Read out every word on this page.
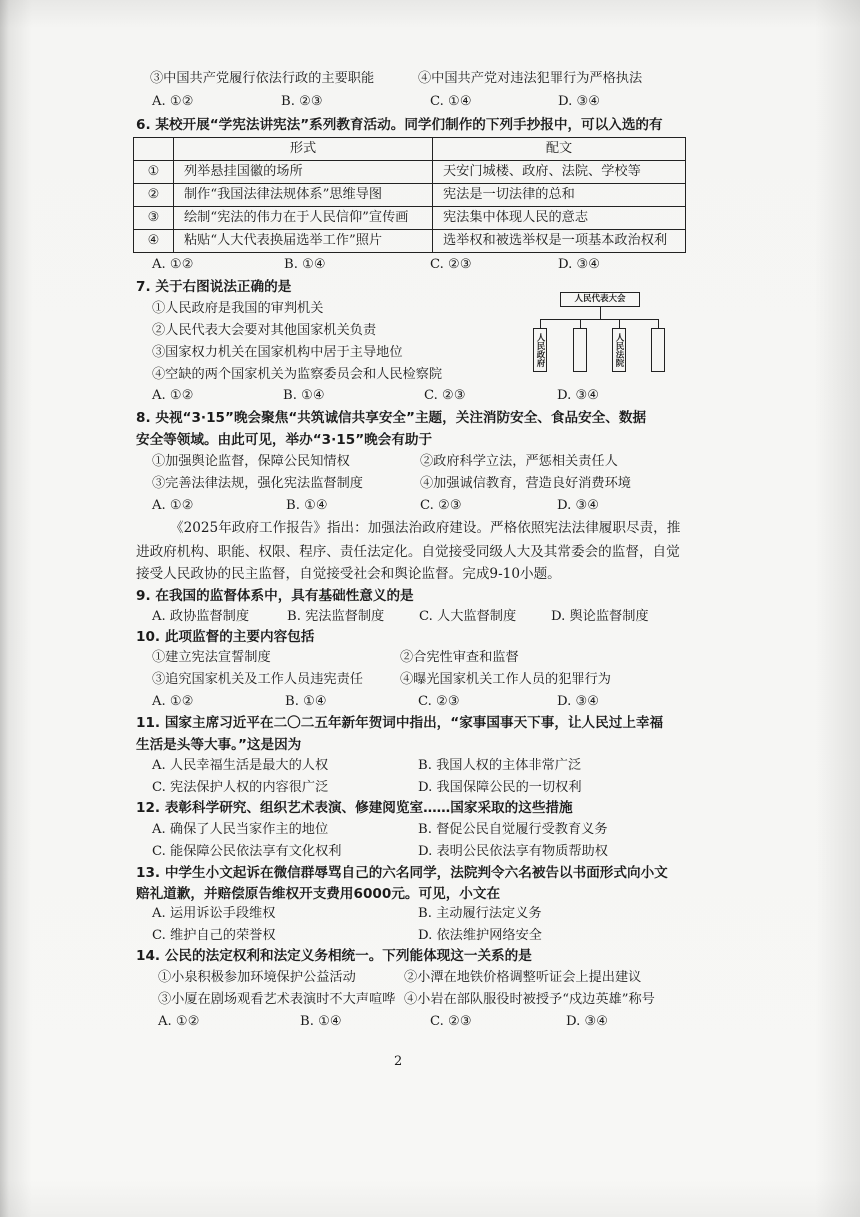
③中国共产党履行依法行政的主要职能	④中国共产党对违法犯罪行为严格执法
A. ①②	B. ②③	C. ①④	D. ③④
6. 某校开展“学宪法讲宪法”系列教育活动。同学们制作的下列手抄报中，可以入选的有
	形式	配文
①	列举悬挂国徽的场所	天安门城楼、政府、法院、学校等
②	制作“我国法律法规体系”思维导图	宪法是一切法律的总和
③	绘制“宪法的伟力在于人民信仰”宣传画	宪法集中体现人民的意志
④	粘贴“人大代表换届选举工作”照片	选举权和被选举权是一项基本政治权利
A. ①②	B. ①④	C. ②③	D. ③④
7. 关于右图说法正确的是
①人民政府是我国的审判机关
②人民代表大会要对其他国家机关负责
③国家权力机关在国家机构中居于主导地位
④空缺的两个国家机关为监察委员会和人民检察院
A. ①②	B. ①④	C. ②③	D. ③④
人民代表大会
人民政府	人民法院
8. 央视“3·15”晚会聚焦“共筑诚信共享安全”主题，关注消防安全、食品安全、数据
安全等领域。由此可见，举办“3·15”晚会有助于
①加强舆论监督，保障公民知情权	②政府科学立法，严惩相关责任人
③完善法律法规，强化宪法监督制度	④加强诚信教育，营造良好消费环境
A. ①②	B. ①④	C. ②③	D. ③④
《2025年政府工作报告》指出：加强法治政府建设。严格依照宪法法律履职尽责，推
进政府机构、职能、权限、程序、责任法定化。自觉接受同级人大及其常委会的监督，自觉
接受人民政协的民主监督，自觉接受社会和舆论监督。完成9-10小题。
9. 在我国的监督体系中，具有基础性意义的是
A. 政协监督制度	B. 宪法监督制度	C. 人大监督制度	D. 舆论监督制度
10. 此项监督的主要内容包括
①建立宪法宣誓制度	②合宪性审查和监督
③追究国家机关及工作人员违宪责任	④曝光国家机关工作人员的犯罪行为
A. ①②	B. ①④	C. ②③	D. ③④
11. 国家主席习近平在二〇二五年新年贺词中指出，“家事国事天下事，让人民过上幸福
生活是头等大事。”这是因为
A. 人民幸福生活是最大的人权	B. 我国人权的主体非常广泛
C. 宪法保护人权的内容很广泛	D. 我国保障公民的一切权利
12. 表彰科学研究、组织艺术表演、修建阅览室……国家采取的这些措施
A. 确保了人民当家作主的地位	B. 督促公民自觉履行受教育义务
C. 能保障公民依法享有文化权利	D. 表明公民依法享有物质帮助权
13. 中学生小文起诉在微信群辱骂自己的六名同学，法院判令六名被告以书面形式向小文
赔礼道歉，并赔偿原告维权开支费用6000元。可见，小文在
A. 运用诉讼手段维权	B. 主动履行法定义务
C. 维护自己的荣誉权	D. 依法维护网络安全
14. 公民的法定权利和法定义务相统一。下列能体现这一关系的是
①小泉积极参加环境保护公益活动	②小潭在地铁价格调整听证会上提出建议
③小厦在剧场观看艺术表演时不大声喧哗 ④小岩在部队服役时被授予“戍边英雄”称号
A. ①②	B. ①④	C. ②③	D. ③④
2
